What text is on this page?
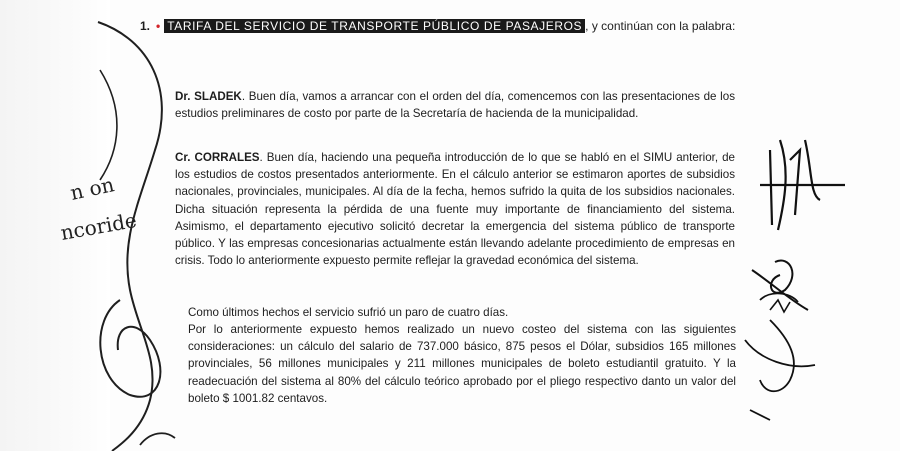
1. • TARIFA DEL SERVICIO DE TRANSPORTE PÚBLICO DE PASAJEROS , y continúan con la palabra:

Dr. SLADEK. Buen día, vamos a arrancar con el orden del día, comencemos con las presentaciones de los estudios preliminares de costo por parte de la Secretaría de hacienda de la municipalidad.

Cr. CORRALES. Buen día, haciendo una pequeña introducción de lo que se habló en el SIMU anterior, de los estudios de costos presentados anteriormente. En el cálculo anterior se estimaron aportes de subsidios nacionales, provinciales, municipales. Al día de la fecha, hemos sufrido la quita de los subsidios nacionales. Dicha situación representa la pérdida de una fuente muy importante de financiamiento del sistema. Asimismo, el departamento ejecutivo solicitó decretar la emergencia del sistema público de transporte público. Y las empresas concesionarias actualmente están llevando adelante procedimiento de empresas en crisis. Todo lo anteriormente expuesto permite reflejar la gravedad económica del sistema.

Como últimos hechos el servicio sufrió un paro de cuatro días.

Por lo anteriormente expuesto hemos realizado un nuevo costeo del sistema con las siguientes consideraciones: un cálculo del salario de 737.000 básico, 875 pesos el Dólar, subsidios 165 millones provinciales, 56 millones municipales y 211 millones municipales de boleto estudiantil gratuito. Y la readecuación del sistema al 80% del cálculo teórico aprobado por el pliego respectivo danto un valor del boleto $ 1001.82 centavos.

n on
ncoride
